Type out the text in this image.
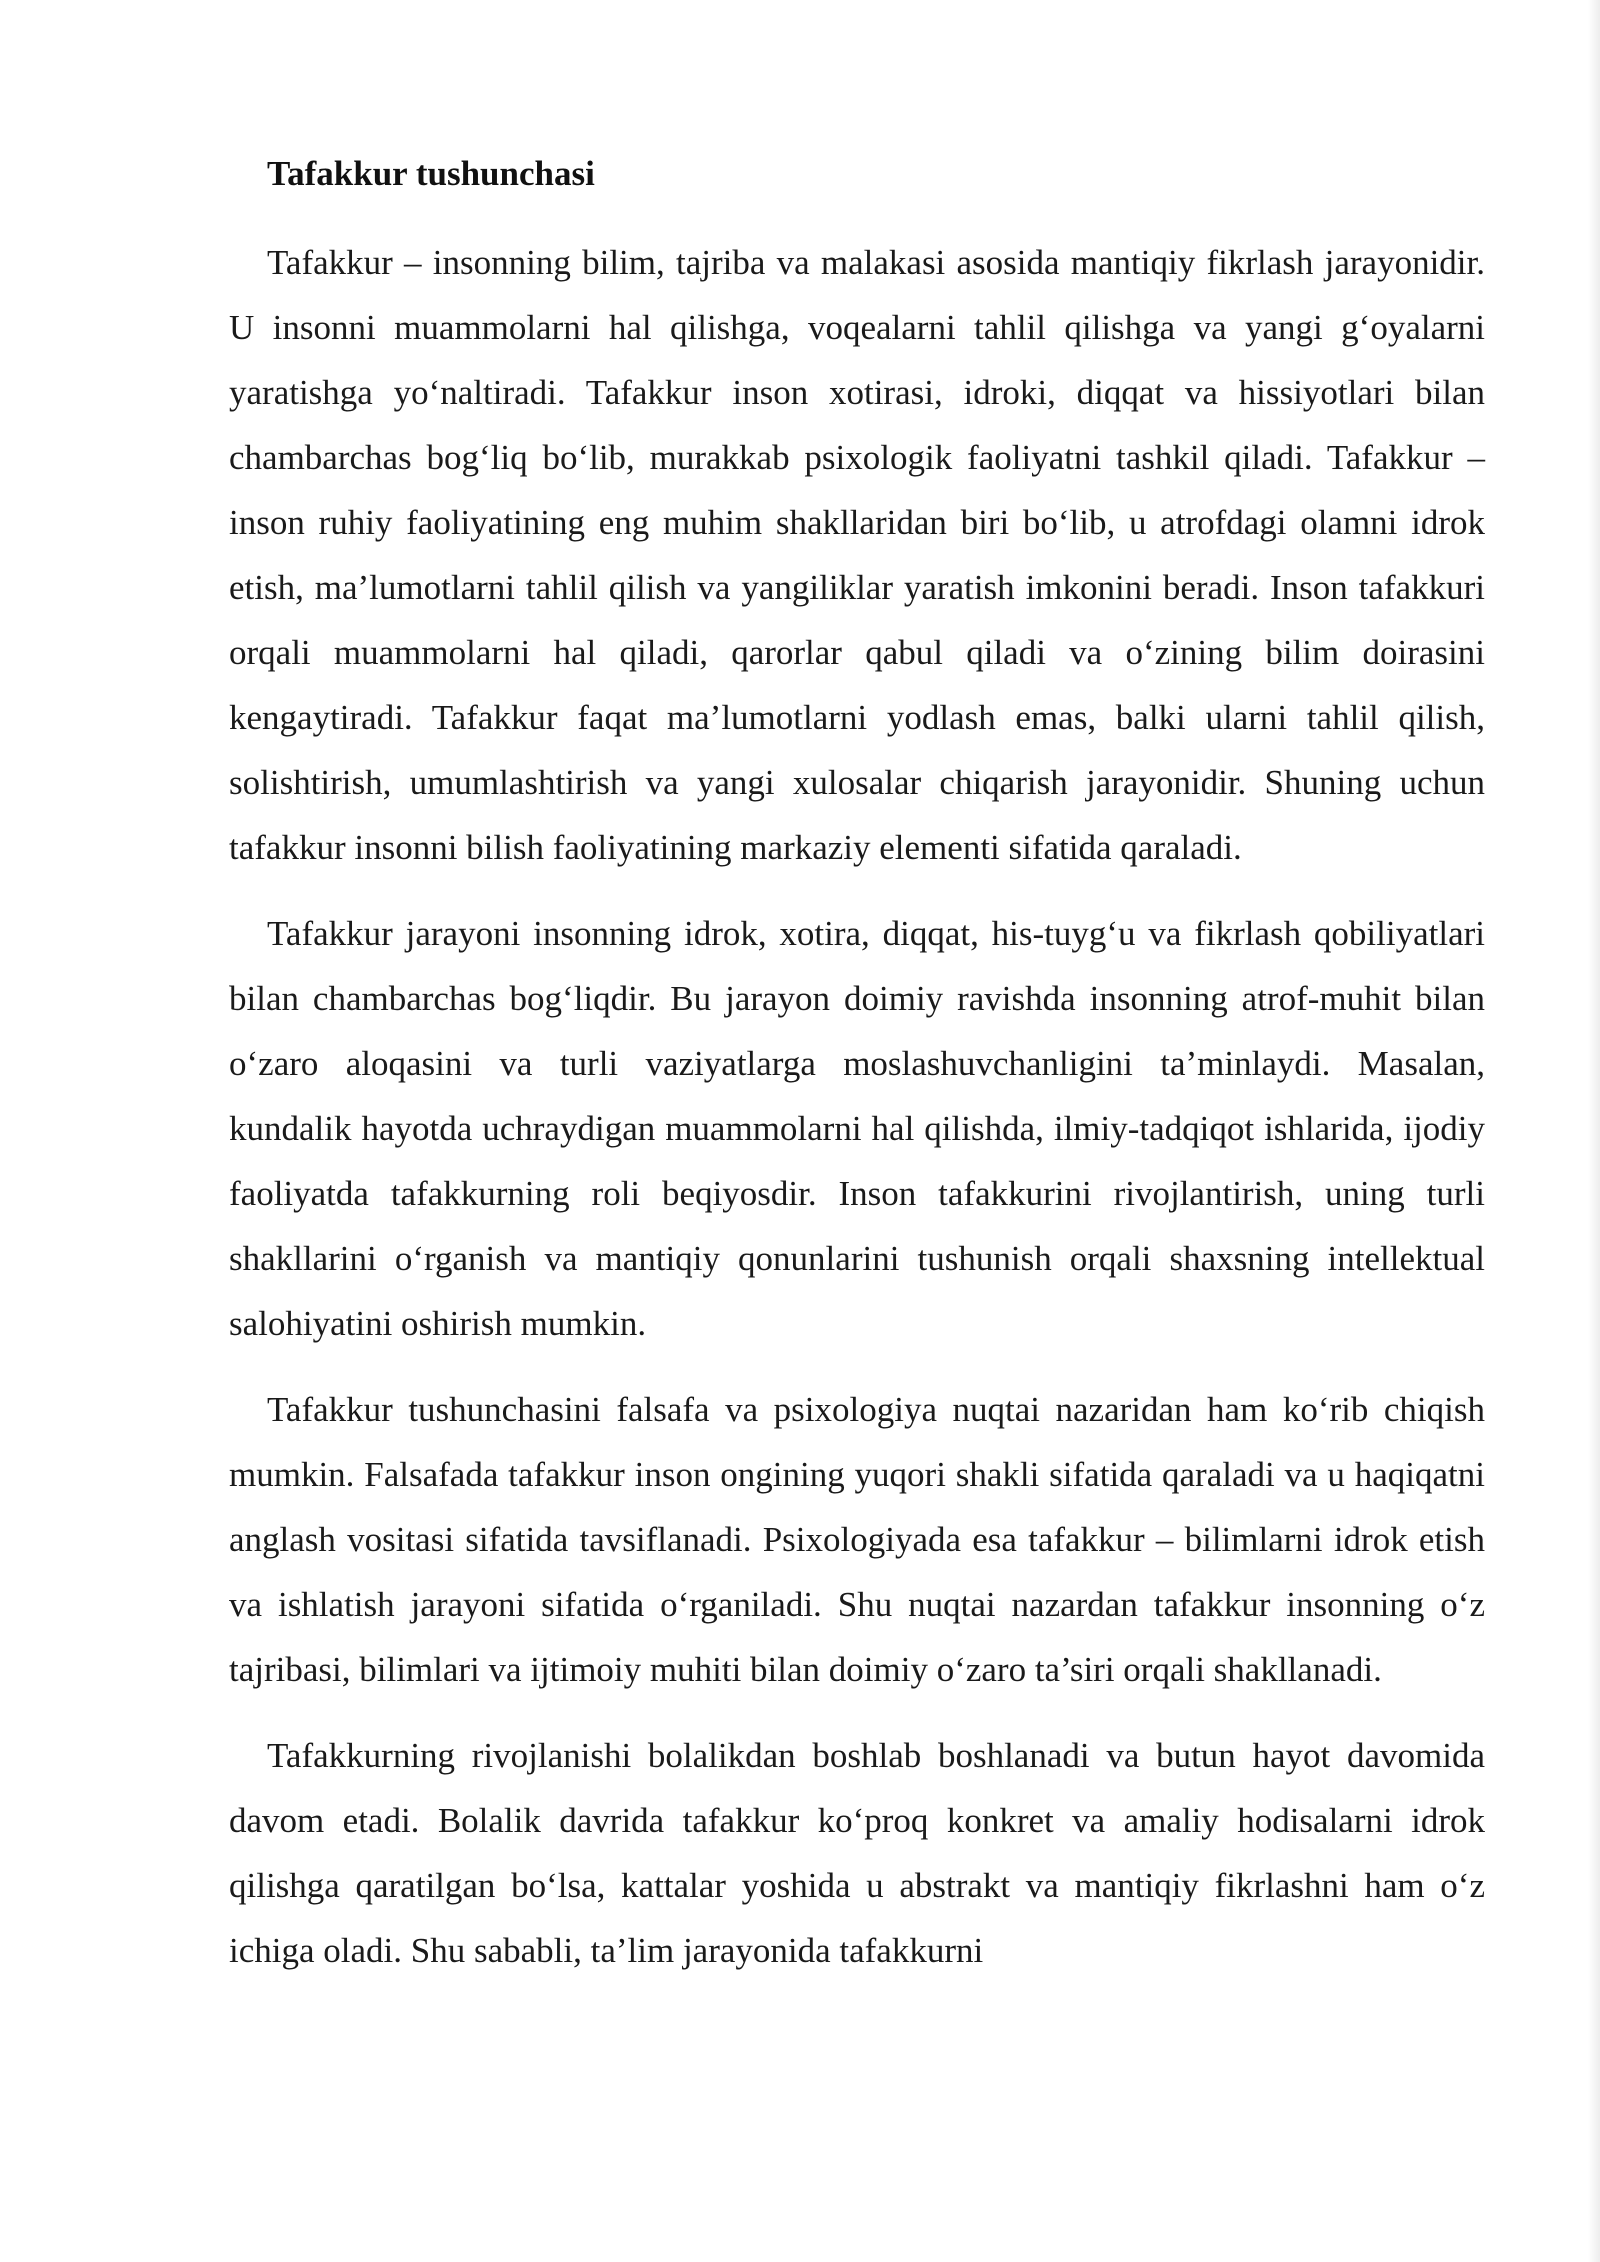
Tafakkur tushunchasi

Tafakkur – insonning bilim, tajriba va malakasi asosida mantiqiy fikrlash jarayonidir. U insonni muammolarni hal qilishga, voqealarni tahlil qilishga va yangi g‘oyalarni yaratishga yo‘naltiradi. Tafakkur inson xotirasi, idroki, diqqat va hissiyotlari bilan chambarchas bog‘liq bo‘lib, murakkab psixologik faoliyatni tashkil qiladi. Tafakkur – inson ruhiy faoliyatining eng muhim shakllaridan biri bo‘lib, u atrofdagi olamni idrok etish, ma’lumotlarni tahlil qilish va yangiliklar yaratish imkonini beradi. Inson tafakkuri orqali muammolarni hal qiladi, qarorlar qabul qiladi va o‘zining bilim doirasini kengaytiradi. Tafakkur faqat ma’lumotlarni yodlash emas, balki ularni tahlil qilish, solishtirish, umumlashtirish va yangi xulosalar chiqarish jarayonidir. Shuning uchun tafakkur insonni bilish faoliyatining markaziy elementi sifatida qaraladi.

Tafakkur jarayoni insonning idrok, xotira, diqqat, his-tuyg‘u va fikrlash qobiliyatlari bilan chambarchas bog‘liqdir. Bu jarayon doimiy ravishda insonning atrof-muhit bilan o‘zaro aloqasini va turli vaziyatlarga moslashuvchanligini ta’minlaydi. Masalan, kundalik hayotda uchraydigan muammolarni hal qilishda, ilmiy-tadqiqot ishlarida, ijodiy faoliyatda tafakkurning roli beqiyosdir. Inson tafakkurini rivojlantirish, uning turli shakllarini o‘rganish va mantiqiy qonunlarini tushunish orqali shaxsning intellektual salohiyatini oshirish mumkin.

Tafakkur tushunchasini falsafa va psixologiya nuqtai nazaridan ham ko‘rib chiqish mumkin. Falsafada tafakkur inson ongining yuqori shakli sifatida qaraladi va u haqiqatni anglash vositasi sifatida tavsiflanadi. Psixologiyada esa tafakkur – bilimlarni idrok etish va ishlatish jarayoni sifatida o‘rganiladi. Shu nuqtai nazardan tafakkur insonning o‘z tajribasi, bilimlari va ijtimoiy muhiti bilan doimiy o‘zaro ta’siri orqali shakllanadi.

Tafakkurning rivojlanishi bolalikdan boshlab boshlanadi va butun hayot davomida davom etadi. Bolalik davrida tafakkur ko‘proq konkret va amaliy hodisalarni idrok qilishga qaratilgan bo‘lsa, kattalar yoshida u abstrakt va mantiqiy fikrlashni ham o‘z ichiga oladi. Shu sababli, ta’lim jarayonida tafakkurni
